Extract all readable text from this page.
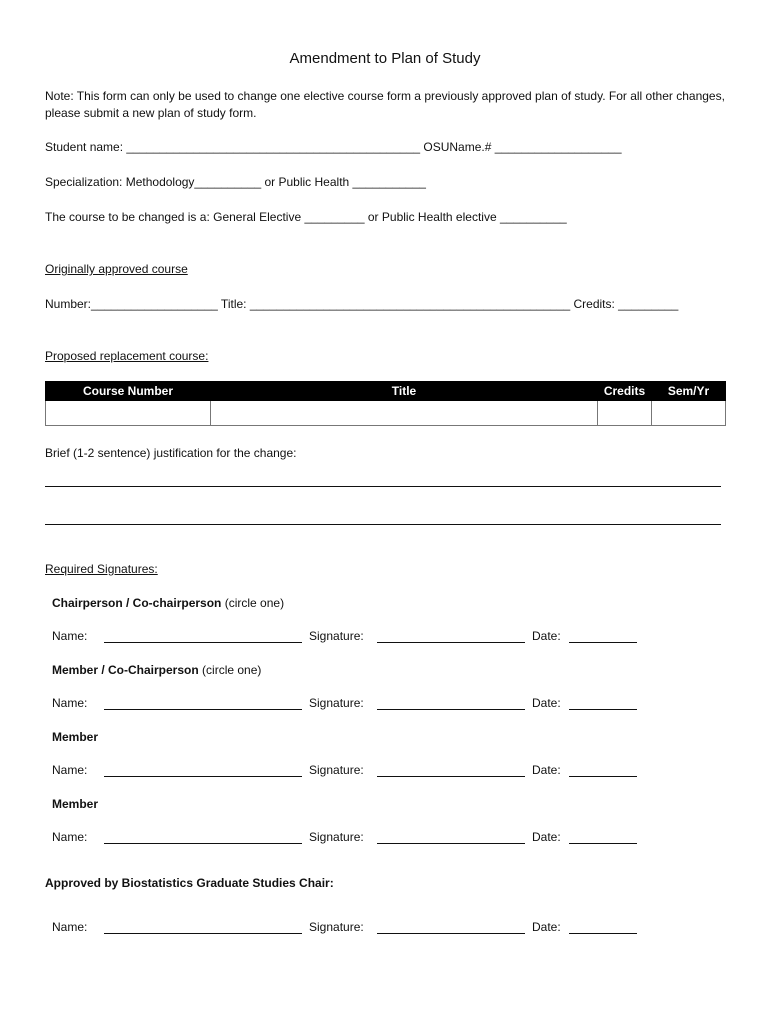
Amendment to Plan of Study
Note: This form can only be used to change one elective course form a previously approved plan of study. For all other changes, please submit a new plan of study form.
Student name: ____________________________________________ OSUName.# ___________________
Specialization: Methodology__________ or Public Health ___________
The course to be changed is a: General Elective _________ or Public Health elective __________
Originally approved course
Number:___________________ Title: ________________________________________________ Credits: _________
Proposed replacement course:
Course Number	Title	Credits	Sem/Yr

Brief (1-2 sentence) justification for the change:
Required Signatures:
Chairperson / Co-chairperson (circle one)
Name:	Signature:	Date:
Member / Co-Chairperson (circle one)
Name:	Signature:	Date:
Member
Name:	Signature:	Date:
Member
Name:	Signature:	Date:
Approved by Biostatistics Graduate Studies Chair:
Name:	Signature:	Date:
